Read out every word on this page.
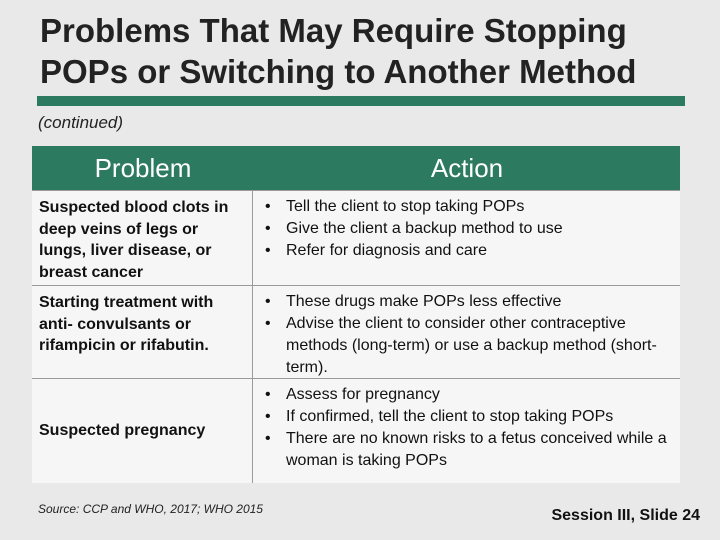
Problems That May Require Stopping POPs or Switching to Another Method
(continued)
Problem	Action
Suspected blood clots in deep veins of legs or lungs, liver disease, or breast cancer
• Tell the client to stop taking POPs
• Give the client a backup method to use
• Refer for diagnosis and care
Starting treatment with anti- convulsants or rifampicin or rifabutin.
• These drugs make POPs less effective
• Advise the client to consider other contraceptive methods (long-term) or use a backup method (short-term).
Suspected pregnancy
• Assess for pregnancy
• If confirmed, tell the client to stop taking POPs
• There are no known risks to a fetus conceived while a woman is taking POPs
Source: CCP and WHO, 2017; WHO 2015	Session III, Slide 24
